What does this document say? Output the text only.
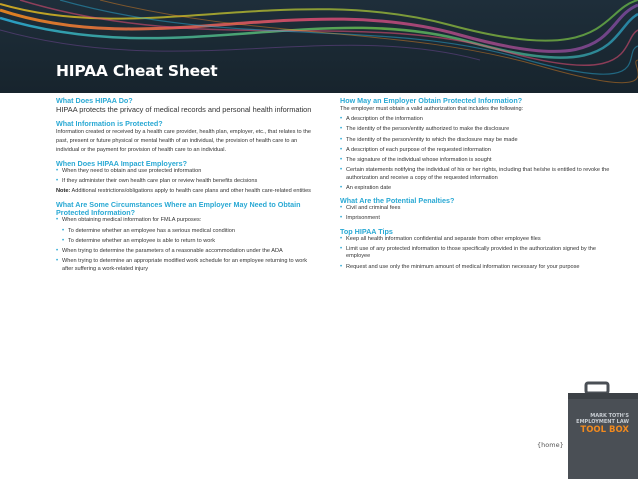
HIPAA Cheat Sheet

What Does HIPAA Do?

HIPAA protects the privacy of medical records and personal health information

What Information is Protected?

Information created or received by a health care provider, health plan, employer, etc., that relates to the past, present or future physical or mental health of an individual, the provision of health care to an individual or the payment for provision of health care to an individual.

When Does HIPAA Impact Employers?

• When they need to obtain and use protected information
• If they administer their own health care plan or review health benefits decisions

Note: Additional restrictions/obligations apply to health care plans and other health care-related entities

What Are Some Circumstances Where an Employer May Need to Obtain Protected Information?

• When obtaining medical information for FMLA purposes:
• To determine whether an employee has a serious medical condition
• To determine whether an employee is able to return to work
• When trying to determine the parameters of a reasonable accommodation under the ADA
• When trying to determine an appropriate modified work schedule for an employee returning to work after suffering a work-related injury

How May an Employer Obtain Protected Information?

The employer must obtain a valid authorization that includes the following:

• A description of the information
• The identity of the person/entity authorized to make the disclosure
• The identity of the person/entity to which the disclosure may be made
• A description of each purpose of the requested information
• The signature of the individual whose information is sought
• Certain statements notifying the individual of his or her rights, including that he/she is entitled to revoke the authorization and receive a copy of the requested information
• An expiration date

What Are the Potential Penalties?

• Civil and criminal fees
• Imprisonment

Top HIPAA Tips

• Keep all health information confidential and separate from other employee files
• Limit use of any protected information to those specifically provided in the authorization signed by the employee
• Request and use only the minimum amount of medical information necessary for your purpose
MARK TOTH'S
EMPLOYMENT LAW
TOOL BOX
{home}
